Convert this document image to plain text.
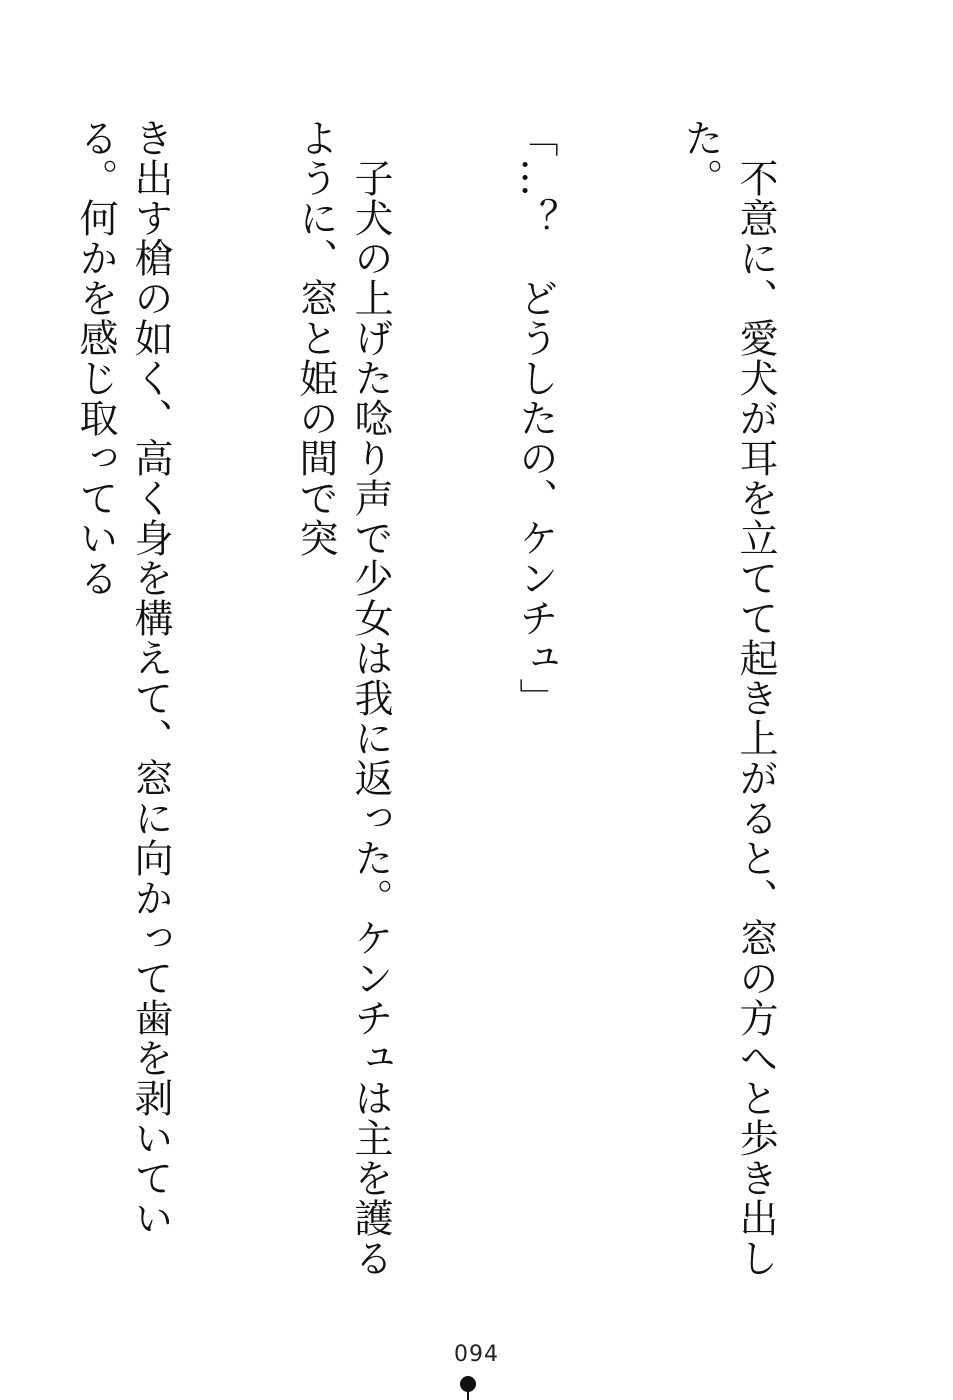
　不意に、愛犬が耳を立てて起き上がると、窓の方へと歩き出した。

「…？　どうしたの、ケンチュ」

　子犬の上げた唸り声で少女は我に返った。ケンチュは主を護るように、窓と姫の間で突

き出す槍の如く、高く身を構えて、窓に向かって歯を剥いている。何かを感じ取っている

094
